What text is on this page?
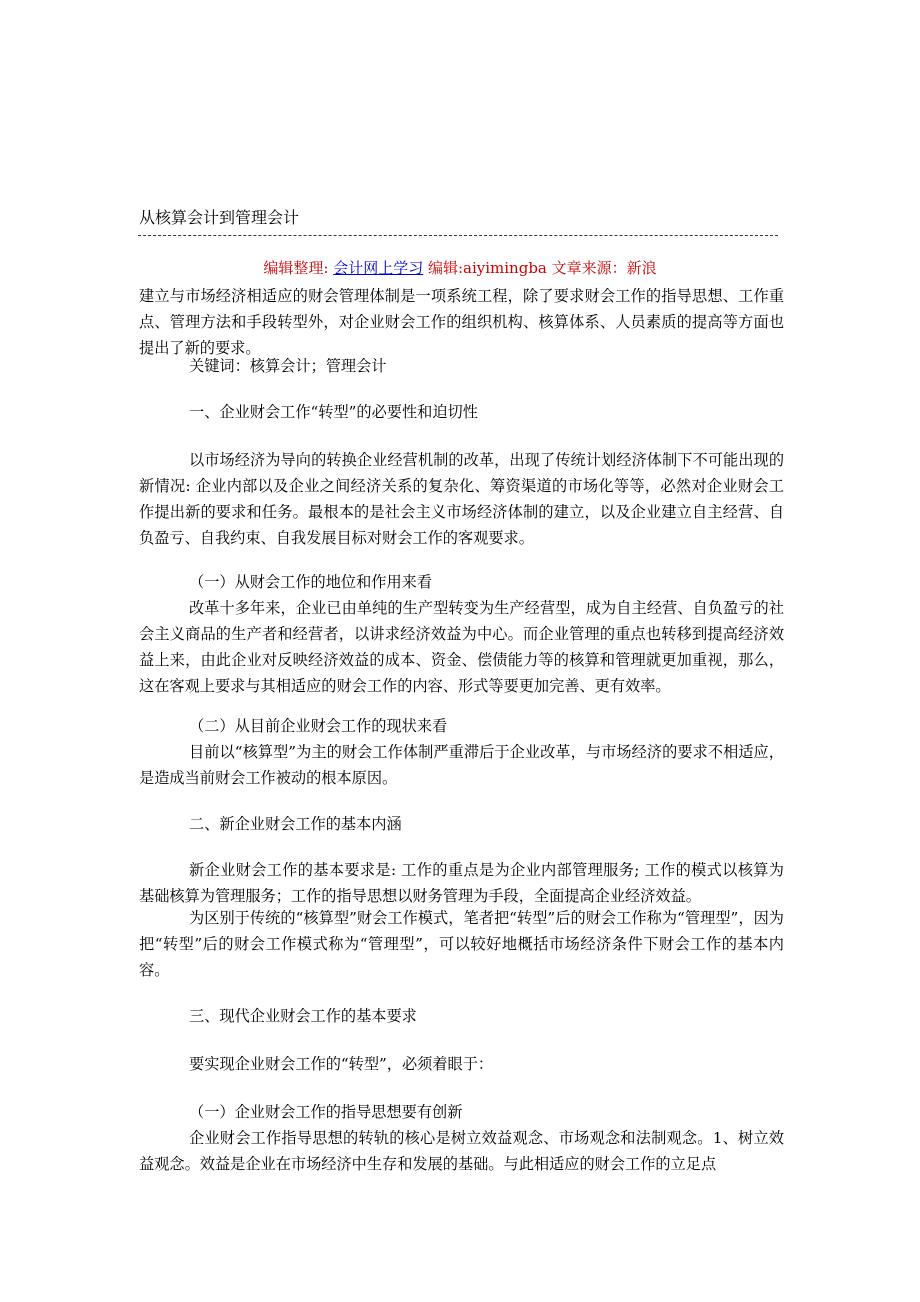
从核算会计到管理会计
编辑整理: 会计网上学习 编辑:aiyimingba 文章来源：新浪

建立与市场经济相适应的财会管理体制是一项系统工程，除了要求财会工作的指导思想、工作重点、管理方法和手段转型外，对企业财会工作的组织机构、核算体系、人员素质的提高等方面也提出了新的要求。

关键词：核算会计；管理会计

一、企业财会工作“转型”的必要性和迫切性

以市场经济为导向的转换企业经营机制的改革，出现了传统计划经济体制下不可能出现的新情况: 企业内部以及企业之间经济关系的复杂化、筹资渠道的市场化等等，必然对企业财会工作提出新的要求和任务。最根本的是社会主义市场经济体制的建立，以及企业建立自主经营、自负盈亏、自我约束、自我发展目标对财会工作的客观要求。

（一）从财会工作的地位和作用来看

改革十多年来，企业已由单纯的生产型转变为生产经营型，成为自主经营、自负盈亏的社会主义商品的生产者和经营者，以讲求经济效益为中心。而企业管理的重点也转移到提高经济效益上来，由此企业对反映经济效益的成本、资金、偿债能力等的核算和管理就更加重视，那么，这在客观上要求与其相适应的财会工作的内容、形式等要更加完善、更有效率。

（二）从目前企业财会工作的现状来看

目前以“核算型”为主的财会工作体制严重滞后于企业改革，与市场经济的要求不相适应，是造成当前财会工作被动的根本原因。

二、新企业财会工作的基本内涵

新企业财会工作的基本要求是: 工作的重点是为企业内部管理服务; 工作的模式以核算为基础核算为管理服务；工作的指导思想以财务管理为手段，全面提高企业经济效益。

为区别于传统的“核算型”财会工作模式，笔者把“转型”后的财会工作称为“管理型”，因为把“转型”后的财会工作模式称为“管理型”，可以较好地概括市场经济条件下财会工作的基本内容。

三、现代企业财会工作的基本要求

要实现企业财会工作的“转型”，必须着眼于：

（一）企业财会工作的指导思想要有创新

企业财会工作指导思想的转轨的核心是树立效益观念、市场观念和法制观念。1、树立效益观念。效益是企业在市场经济中生存和发展的基础。与此相适应的财会工作的立足点
